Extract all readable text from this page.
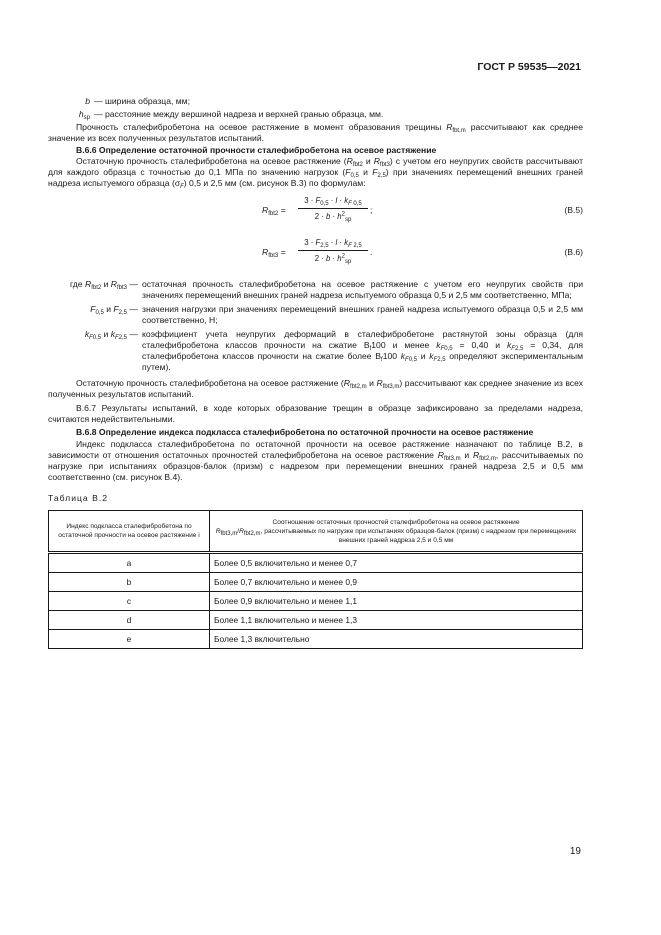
ГОСТ Р 59535—2021
b — ширина образца, мм;
$h_{sp}$ — расстояние между вершиной надреза и верхней гранью образца, мм.

Прочность сталефибробетона на осевое растяжение в момент образования трещины $R_{fbt,m}$ рассчитывают как среднее значение из всех полученных результатов испытаний.

В.6.6 Определение остаточной прочности сталефибробетона на осевое растяжение

Остаточную прочность сталефибробетона на осевое растяжение ($R_{fbt2}$ и $R_{fbt3}$) с учетом его неупругих свойств рассчитывают для каждого образца с точностью до 0,1 МПа по значению нагрузок ($F_{0,5}$ и $F_{2,5}$) при значениях перемещений внешних граней надреза испытуемого образца $(\sigma_F)$ 0,5 и 2,5 мм (см. рисунок В.3) по формулам:

$R_{fbt2} = \frac{3 \cdot F_{0,5} \cdot l \cdot k_{F 0,5}}{2 \cdot b \cdot h^2_{sp}}$ ;	(В.5)
$R_{fbt3} = \frac{3 \cdot F_{2,5} \cdot l \cdot k_{F 2,5}}{2 \cdot b \cdot h^2_{sp}}$ .	(В.6)
где $R_{fbt2}$ и $R_{fbt3}$ — остаточная прочность сталефибробетона на осевое растяжение с учетом его неупругих свойств при значениях перемещений внешних граней надреза испытуемого образца 0,5 и 2,5 мм соответственно, МПа;
$F_{0,5}$ и $F_{2,5}$ — значения нагрузки при значениях перемещений внешних граней надреза испытуемого образца 0,5 и 2,5 мм соответственно, Н;
$k_{F0,5}$ и $k_{F2,5}$ — коэффициент учета неупругих деформаций в сталефибробетоне растянутой зоны образца (для сталефибробетона классов прочности на сжатие $В_f100$ и менее $k_{F0,5} = 0,40$ и $k_{F2,5} = 0,34$, для сталефибробетона классов прочности на сжатие более $В_f100$ $k_{F0,5}$ и $k_{F2,5}$ определяют экспериментальным путем).

Остаточную прочность сталефибробетона на осевое растяжение ($R_{fbt2,m}$ и $R_{fbt3,m}$) рассчитывают как среднее значение из всех полученных результатов испытаний.

В.6.7 Результаты испытаний, в ходе которых образование трещин в образце зафиксировано за пределами надреза, считаются недействительными.

В.6.8 Определение индекса подкласса сталефибробетона по остаточной прочности на осевое растяжение

Индекс подкласса сталефибробетона по остаточной прочности на осевое растяжение назначают по таблице В.2, в зависимости от отношения остаточных прочностей сталефибробетона на осевое растяжение $R_{fbt3,m}$ и $R_{fbt2,m}$, рассчитываемых по нагрузке при испытаниях образцов-балок (призм) с надрезом при перемещении внешних граней надреза 2,5 и 0,5 мм соответственно (см. рисунок В.4).

Таблица В.2

Индекс подкласса сталефибробетона по остаточной прочности на осевое растяжение i	Соотношение остаточных прочностей сталефибробетона на осевое растяжение
$R_{fbt3,m}/R_{fbt2,m}$, рассчитываемых по нагрузке при испытаниях образцов-балок (призм) с надрезом при перемещениях внешних граней надреза 2,5 и 0,5 мм
a	Более 0,5 включительно и менее 0,7
b	Более 0,7 включительно и менее 0,9
c	Более 0,9 включительно и менее 1,1
d	Более 1,1 включительно и менее 1,3
e	Более 1,3 включительно
19
